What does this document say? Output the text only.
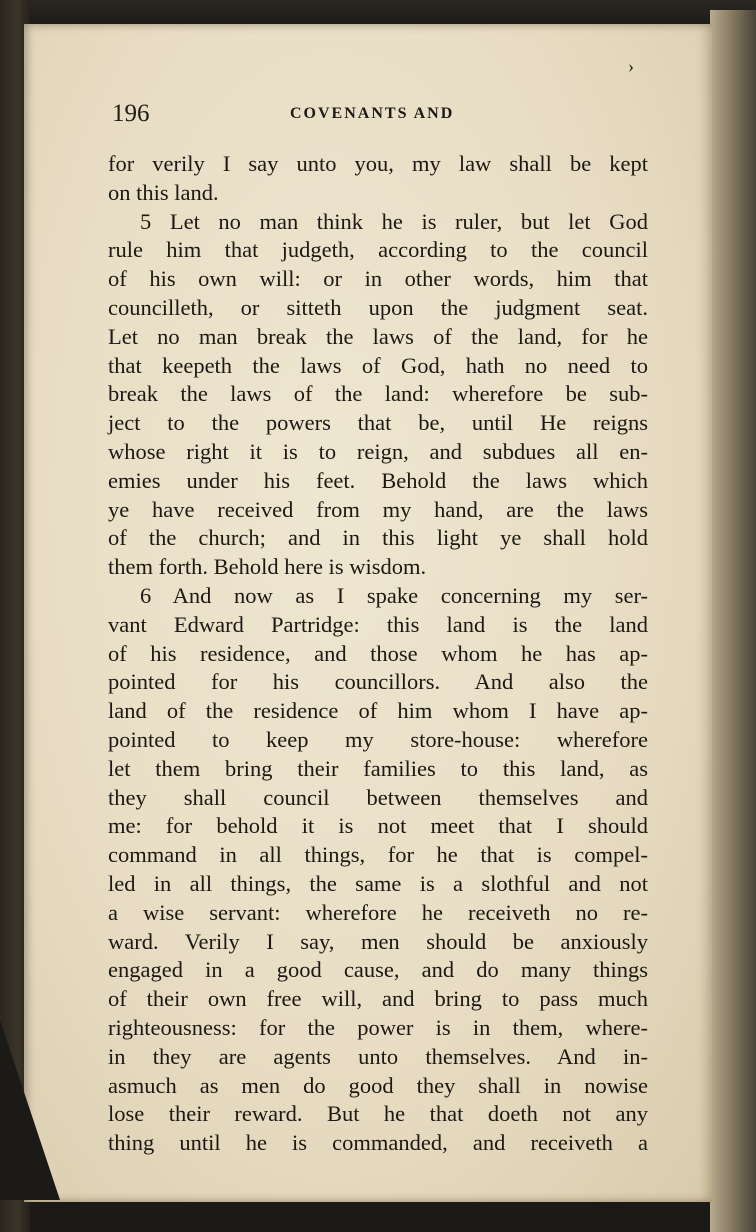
›
196	COVENANTS AND
for verily I say unto you, my law shall be kept
on this land.
5 Let no man think he is ruler, but let God
rule him that judgeth, according to the council
of his own will: or in other words, him that
councilleth, or sitteth upon the judgment seat.
Let no man break the laws of the land, for he
that keepeth the laws of God, hath no need to
break the laws of the land: wherefore be sub-
ject to the powers that be, until He reigns
whose right it is to reign, and subdues all en-
emies under his feet. Behold the laws which
ye have received from my hand, are the laws
of the church; and in this light ye shall hold
them forth. Behold here is wisdom.
6 And now as I spake concerning my ser-
vant Edward Partridge: this land is the land
of his residence, and those whom he has ap-
pointed for his councillors. And also the
land of the residence of him whom I have ap-
pointed to keep my store-house: wherefore
let them bring their families to this land, as
they shall council between themselves and
me: for behold it is not meet that I should
command in all things, for he that is compel-
led in all things, the same is a slothful and not
a wise servant: wherefore he receiveth no re-
ward. Verily I say, men should be anxiously
engaged in a good cause, and do many things
of their own free will, and bring to pass much
righteousness: for the power is in them, where-
in they are agents unto themselves. And in-
asmuch as men do good they shall in nowise
lose their reward. But he that doeth not any
thing until he is commanded, and receiveth a
